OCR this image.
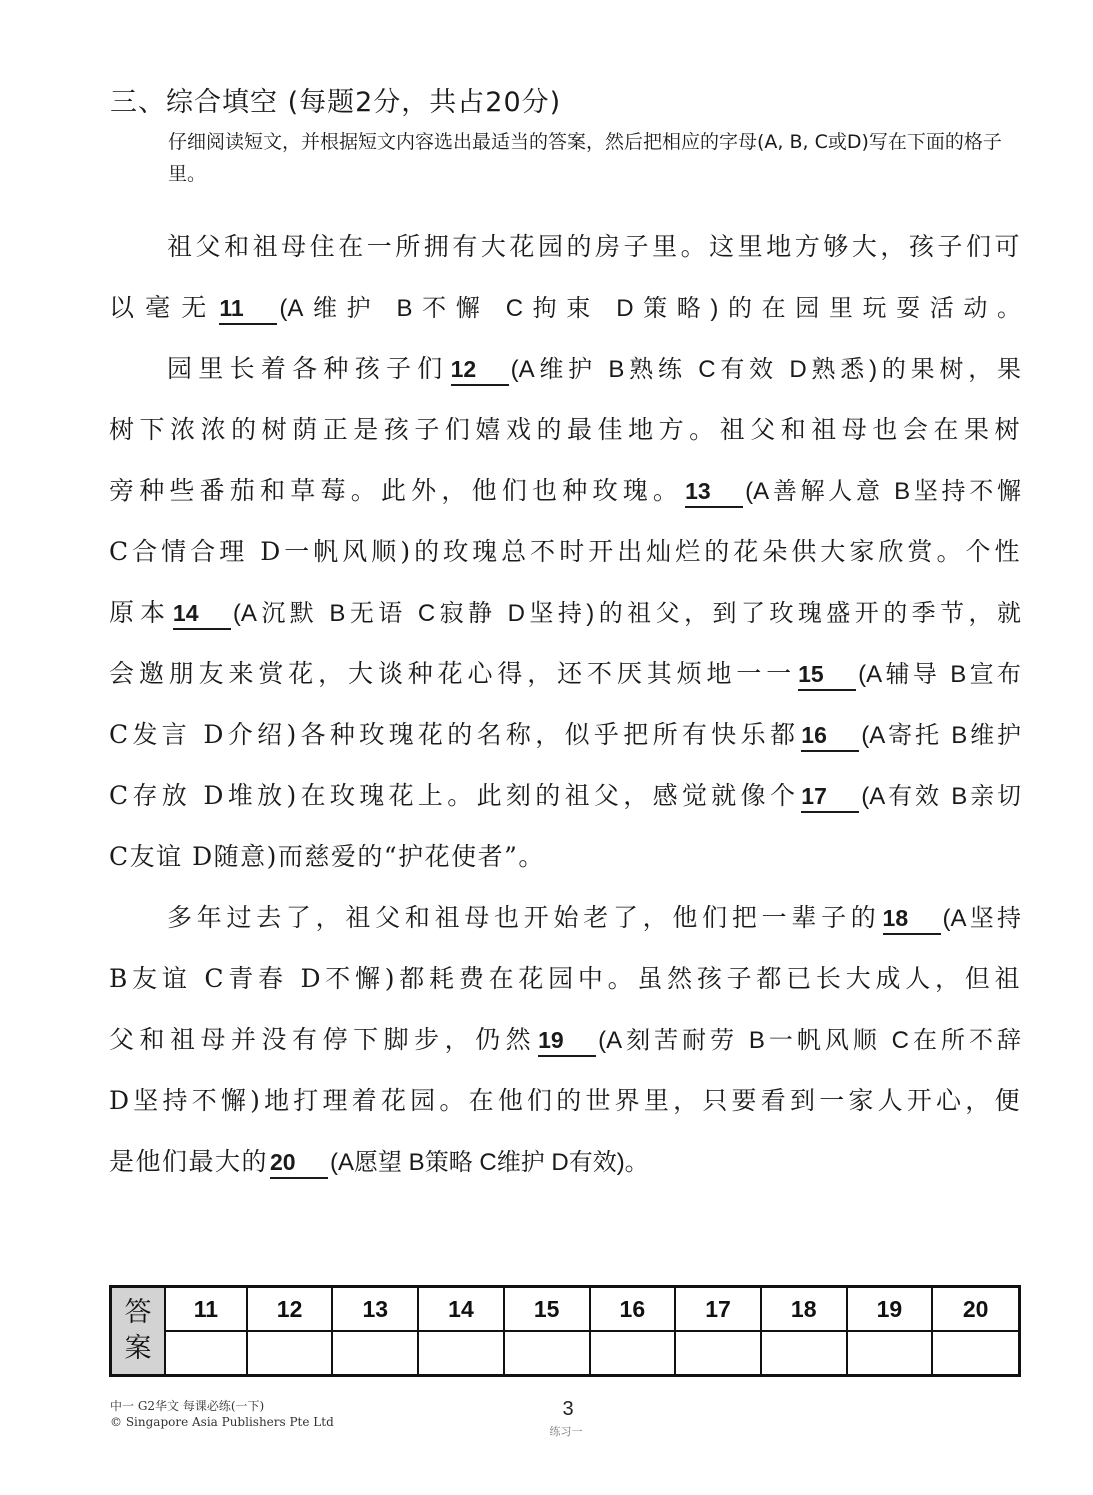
三、综合填空 (每题2分，共占20分)
仔细阅读短文，并根据短文内容选出最适当的答案，然后把相应的字母(A, B, C或D)写在下面的格子里。
祖父和祖母住在一所拥有大花园的房子里。这里地方够大，孩子们可
以毫无11 (A维护 B不懈 C拘束 D策略)的在园里玩耍活动。
园里长着各种孩子们12 (A维护 B熟练 C有效 D熟悉)的果树，果
树下浓浓的树荫正是孩子们嬉戏的最佳地方。祖父和祖母也会在果树
旁种些番茄和草莓。此外，他们也种玫瑰。13 (A善解人意 B坚持不懈
C合情合理 D一帆风顺)的玫瑰总不时开出灿烂的花朵供大家欣赏。个性
原本14 (A沉默 B无语 C寂静 D坚持)的祖父，到了玫瑰盛开的季节，就
会邀朋友来赏花，大谈种花心得，还不厌其烦地一一15 (A辅导 B宣布
C发言 D介绍)各种玫瑰花的名称，似乎把所有快乐都16 (A寄托 B维护
C存放 D堆放)在玫瑰花上。此刻的祖父，感觉就像个17 (A有效 B亲切
C友谊 D随意)而慈爱的“护花使者”。
多年过去了，祖父和祖母也开始老了，他们把一辈子的18 (A坚持
B友谊 C青春 D不懈)都耗费在花园中。虽然孩子都已长大成人，但祖
父和祖母并没有停下脚步，仍然19 (A刻苦耐劳 B一帆风顺 C在所不辞
D坚持不懈)地打理着花园。在他们的世界里，只要看到一家人开心，便
是他们最大的20 (A愿望 B策略 C维护 D有效)。
答
案	11	12	13	14	15	16	17	18	19	20

中一 G2华文 每课必练(一下)
© Singapore Asia Publishers Pte Ltd
3
练习一
